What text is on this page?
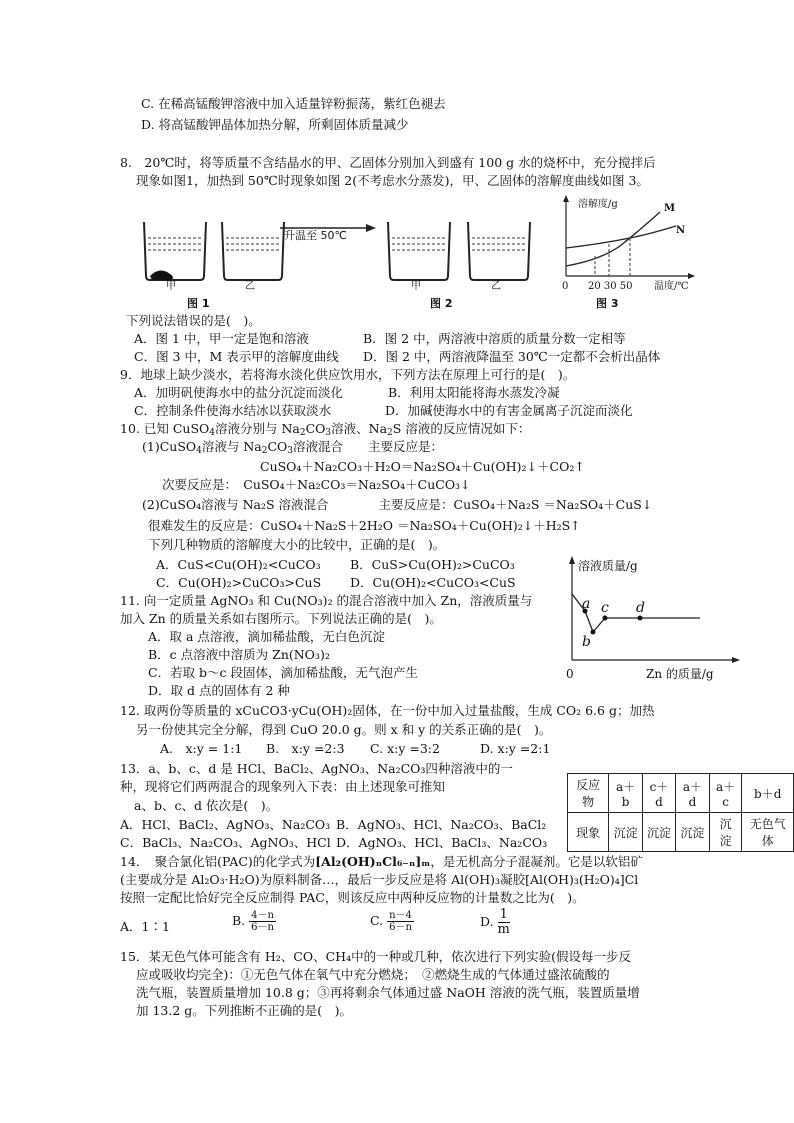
C. 在稀高锰酸钾溶液中加入适量锌粉振荡，紫红色褪去
D. 将高锰酸钾晶体加热分解，所剩固体质量减少
8.　20℃时，将等质量不含结晶水的甲、乙固体分别加入到盛有 100 g 水的烧杯中，充分搅拌后
现象如图1，加热到 50℃时现象如图 2(不考虑水分蒸发)，甲、乙固体的溶解度曲线如图 3。
升温至 50℃
甲	乙	甲	乙
图 1	图 2	图 3
溶解度/g
温度/℃
M
N
0 20 30 50
下列说法错误的是(　)。
A．图 1 中，甲一定是饱和溶液	B．图 2 中，两溶液中溶质的质量分数一定相等
C．图 3 中，M 表示甲的溶解度曲线 D．图 2 中，两溶液降温至 30℃一定都不会析出晶体
9．地球上缺少淡水，若将海水淡化供应饮用水，下列方法在原理上可行的是(　)。
A．加明矾使海水中的盐分沉淀而淡化	B．利用太阳能将海水蒸发冷凝
C．控制条件使海水结冰以获取淡水	D．加碱使海水中的有害金属离子沉淀而淡化
10. 已知 CuSO$_4$溶液分别与 $Na_2CO_3$溶液、$Na_2S$ 溶液的反应情况如下：
(1)CuSO$_4$溶液与 $Na_2CO_3$溶液混合　　主要反应是：
CuSO₄＋Na₂CO₃＋H₂O＝Na₂SO₄＋Cu(OH)₂↓＋CO₂↑
次要反应是：　CuSO₄＋Na₂CO₃＝Na₂SO₄＋CuCO₃↓
(2)CuSO₄溶液与 Na₂S 溶液混合　　　　主要反应是：CuSO₄＋Na₂S ＝Na₂SO₄＋CuS↓
很难发生的反应是：CuSO₄＋Na₂S＋2H₂O ＝Na₂SO₄＋Cu(OH)₂↓＋H₂S↑
下列几种物质的溶解度大小的比较中，正确的是(　)。
A．CuS<Cu(OH)₂<CuCO₃ B．CuS>Cu(OH)₂>CuCO₃
C．Cu(OH)₂>CuCO₃>CuS D．Cu(OH)₂<CuCO₃<CuS
溶液质量/g
Zn 的质量/g
0
a
b
c d
11. 向一定质量 AgNO₃ 和 Cu(NO₃)₂ 的混合溶液中加入 Zn，溶液质量与
加入 Zn 的质量关系如右图所示。下列说法正确的是(　)。
A．取 a 点溶液，滴加稀盐酸，无白色沉淀
B．c 点溶液中溶质为 Zn(NO₃)₂
C．若取 b～c 段固体，滴加稀盐酸，无气泡产生
D．取 d 点的固体有 2 种
12. 取两份等质量的 xCuCO3·yCu(OH)₂固体，在一份中加入过量盐酸，生成 CO₂ 6.6 g；加热
另一份使其完全分解，得到 CuO 20.0 g。则 x 和 y 的关系正确的是(　)。
A.　x:y = 1:1 B.　x:y =2:3 C. x:y =3:2	D. x:y =2:1
13．a、b、c、d 是 HCl、BaCl₂、AgNO₃、Na₂CO₃四种溶液中的一
种，现将它们两两混合的现象列入下表：由上述现象可推知
a、b、c、d 依次是(　)。
A．HCl、BaCl₂、AgNO₃、Na₂CO₃ B．AgNO₃、HCl、Na₂CO₃、BaCl₂
C．BaCl₃、Na₂CO₃、AgNO₃、HCl D．AgNO₃、HCl、BaCl₃、Na₂CO₃
反应物	a＋b	c＋d	a＋d	a＋c	b＋d
现象	沉淀	沉淀	沉淀	沉淀	无色气体
14．　聚合氯化铝(PAC)的化学式为[Al₂(OH)ₙCl₆₋ₙ]ₘ，是无机高分子混凝剂。它是以软铝矿
(主要成分是 Al₂O₃·H₂O)为原料制备…，最后一步反应是将 Al(OH)₃凝胶[Al(OH)₃(H₂O)₄]Cl
按照一定配比恰好完全反应制得 PAC，则该反应中两种反应物的计量数之比为(　)。
A．1∶1	B. $\frac{4-n}{6-n}$	C. $\frac{n-4}{6-n}$	D. $\frac{1}{m}$
15．某无色气体可能含有 H₂、CO、CH₄中的一种或几种，依次进行下列实验(假设每一步反
应或吸收均完全)：①无色气体在氧气中充分燃烧；　②燃烧生成的气体通过盛浓硫酸的
洗气瓶，装置质量增加 10.8 g；③再将剩余气体通过盛 NaOH 溶液的洗气瓶，装置质量增
加 13.2 g。下列推断不正确的是(　)。
